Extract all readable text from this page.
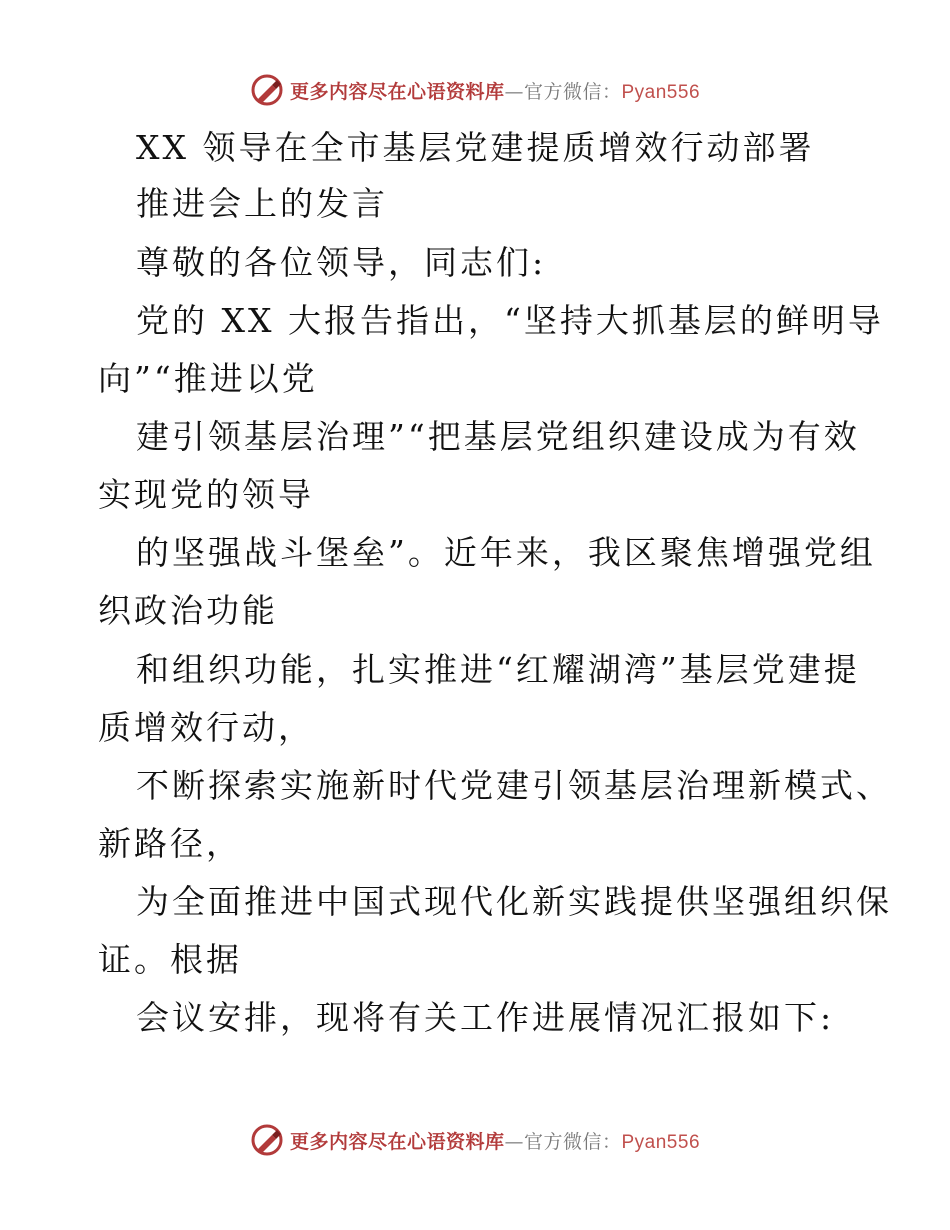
更多内容尽在心语资料库—官方微信：Pyan556
XX 领导在全市基层党建提质增效行动部署
推进会上的发言
尊敬的各位领导，同志们:
党的 XX 大报告指出，“坚持大抓基层的鲜明导
向”“推进以党
建引领基层治理”“把基层党组织建设成为有效
实现党的领导
的坚强战斗堡垒”。近年来，我区聚焦增强党组
织政治功能
和组织功能，扎实推进“红耀湖湾”基层党建提
质增效行动，
不断探索实施新时代党建引领基层治理新模式、
新路径，
为全面推进中国式现代化新实践提供坚强组织保
证。根据
会议安排，现将有关工作进展情况汇报如下:
更多内容尽在心语资料库—官方微信：Pyan556
